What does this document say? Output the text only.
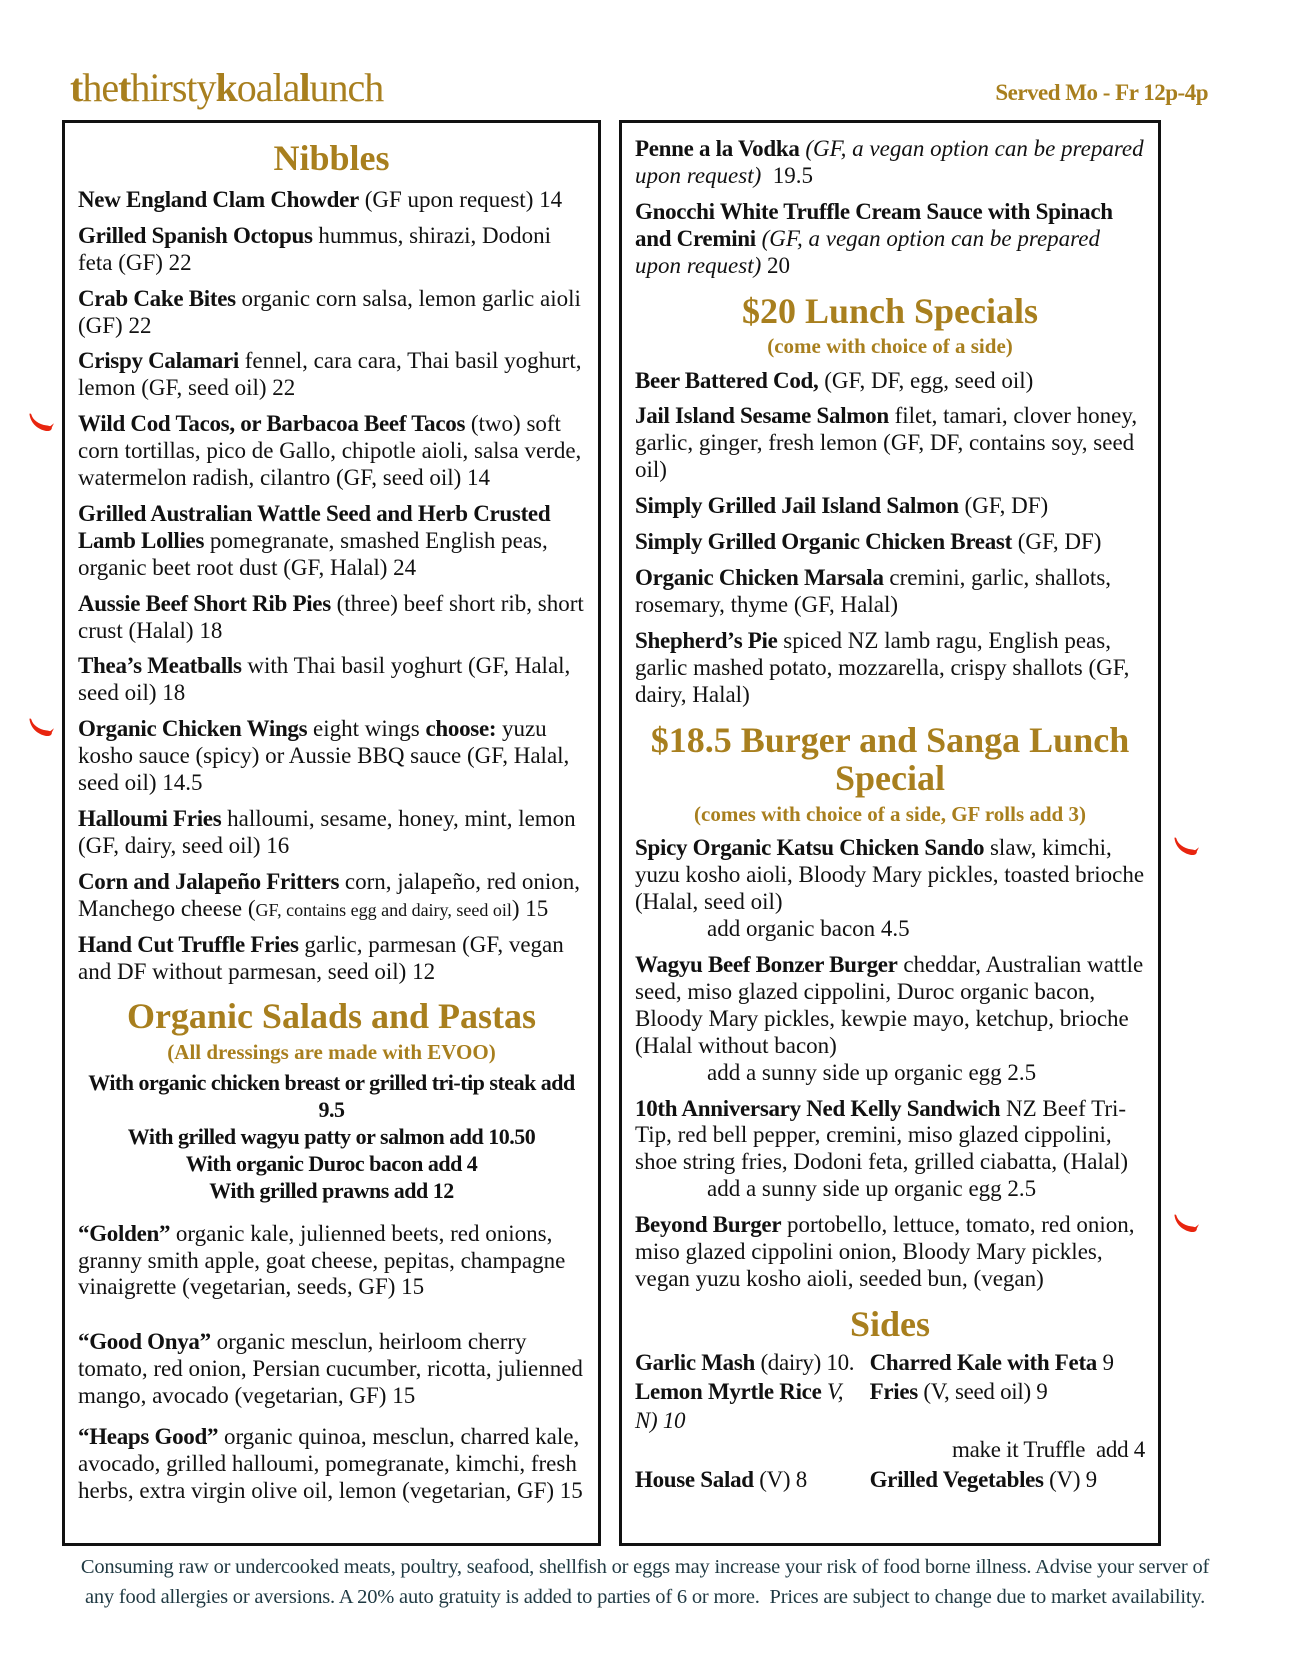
thethirstykoalalunch	Served Mo - Fr 12p-4p
Nibbles
New England Clam Chowder (GF upon request) 14
Grilled Spanish Octopus hummus, shirazi, Dodoni feta (GF) 22
Crab Cake Bites organic corn salsa, lemon garlic aioli (GF) 22
Crispy Calamari fennel, cara cara, Thai basil yoghurt, lemon (GF, seed oil) 22
Wild Cod Tacos, or Barbacoa Beef Tacos (two) soft corn tortillas, pico de Gallo, chipotle aioli, salsa verde, watermelon radish, cilantro (GF, seed oil) 14
Grilled Australian Wattle Seed and Herb Crusted Lamb Lollies pomegranate, smashed English peas, organic beet root dust (GF, Halal) 24
Aussie Beef Short Rib Pies (three) beef short rib, short crust (Halal) 18
Thea’s Meatballs with Thai basil yoghurt (GF, Halal, seed oil) 18
Organic Chicken Wings eight wings choose: yuzu kosho sauce (spicy) or Aussie BBQ sauce (GF, Halal, seed oil) 14.5
Halloumi Fries halloumi, sesame, honey, mint, lemon (GF, dairy, seed oil) 16
Corn and Jalapeño Fritters corn, jalapeño, red onion, Manchego cheese (GF, contains egg and dairy, seed oil) 15
Hand Cut Truffle Fries garlic, parmesan (GF, vegan and DF without parmesan, seed oil) 12
Organic Salads and Pastas
(All dressings are made with EVOO)
With organic chicken breast or grilled tri-tip steak add 9.5
With grilled wagyu patty or salmon add 10.50
With organic Duroc bacon add 4
With grilled prawns add 12
“Golden” organic kale, julienned beets, red onions, granny smith apple, goat cheese, pepitas, champagne vinaigrette (vegetarian, seeds, GF) 15
“Good Onya” organic mesclun, heirloom cherry tomato, red onion, Persian cucumber, ricotta, julienned mango, avocado (vegetarian, GF) 15
“Heaps Good” organic quinoa, mesclun, charred kale, avocado, grilled halloumi, pomegranate, kimchi, fresh herbs, extra virgin olive oil, lemon (vegetarian, GF) 15
Penne a la Vodka (GF, a vegan option can be prepared upon request)  19.5
Gnocchi White Truffle Cream Sauce with Spinach and Cremini (GF, a vegan option can be prepared upon request) 20
$20 Lunch Specials
(come with choice of a side)
Beer Battered Cod, (GF, DF, egg, seed oil)
Jail Island Sesame Salmon filet, tamari, clover honey, garlic, ginger, fresh lemon (GF, DF, contains soy, seed oil)
Simply Grilled Jail Island Salmon (GF, DF)
Simply Grilled Organic Chicken Breast (GF, DF)
Organic Chicken Marsala cremini, garlic, shallots, rosemary, thyme (GF, Halal)
Shepherd’s Pie spiced NZ lamb ragu, English peas, garlic mashed potato, mozzarella, crispy shallots (GF, dairy, Halal)
$18.5 Burger and Sanga Lunch Special
(comes with choice of a side, GF rolls add 3)
Spicy Organic Katsu Chicken Sando slaw, kimchi, yuzu kosho aioli, Bloody Mary pickles, toasted brioche (Halal, seed oil)
add organic bacon 4.5
Wagyu Beef Bonzer Burger cheddar, Australian wattle seed, miso glazed cippolini, Duroc organic bacon, Bloody Mary pickles, kewpie mayo, ketchup, brioche (Halal without bacon)
add a sunny side up organic egg 2.5
10th Anniversary Ned Kelly Sandwich NZ Beef Tri-Tip, red bell pepper, cremini, miso glazed cippolini, shoe string fries, Dodoni feta, grilled ciabatta, (Halal)
add a sunny side up organic egg 2.5
Beyond Burger portobello, lettuce, tomato, red onion, miso glazed cippolini onion, Bloody Mary pickles, vegan yuzu kosho aioli, seeded bun, (vegan)
Sides
Garlic Mash (dairy) 10. Charred Kale with Feta 9
Lemon Myrtle Rice V, N) 10
Fries (V, seed oil) 9
make it Truffle  add 4
House Salad (V) 8	Grilled Vegetables (V) 9
Consuming raw or undercooked meats, poultry, seafood, shellfish or eggs may increase your risk of food borne illness. Advise your server of
any food allergies or aversions. A 20% auto gratuity is added to parties of 6 or more.  Prices are subject to change due to market availability.
